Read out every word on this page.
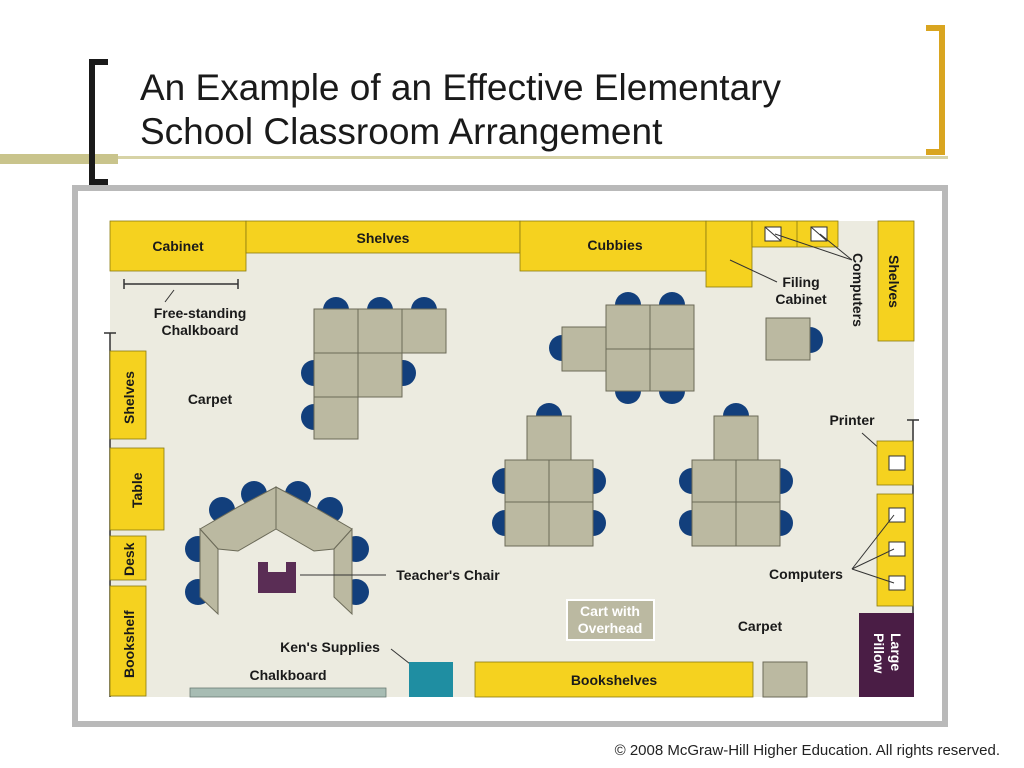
An Example of an Effective Elementary
School Classroom Arrangement
Cabinet	Shelves	Cubbies
Filing
Cabinet Computers Shelves
Free-standing
Chalkboard
Shelves	Carpet
Table
Desk
Bookshelf
Teacher's Chair
Printer
Computers
Cart with
Overhead	Carpet
Large
Pillow
Ken's Supplies
Chalkboard	Bookshelves
© 2008 McGraw-Hill Higher Education. All rights reserved.
